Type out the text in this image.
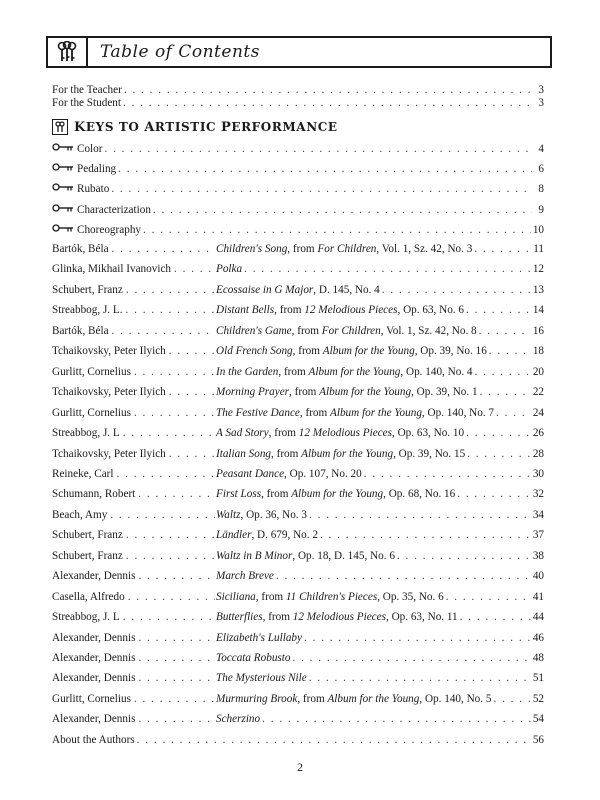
Table of Contents
For the Teacher . . .	3
For the Student . . .	3
Color . . .	4
Pedaling . . .	6
Rubato . . .	8
Characterization . . .	9
Choreography . . .	10
Bartók, Béla . . .	Children's Song, from For Children, Vol. 1, Sz. 42, No. 3 . . .	11
Glinka, Mikhail Ivanovich . . .	Polka . . .	12
Schubert, Franz . . .	Ecossaise in G Major, D. 145, No. 4 . . .	13
Streabbog, J. L. . . .	Distant Bells, from 12 Melodious Pieces, Op. 63, No. 6 . . .	14
Bartók, Béla . . .	Children's Game, from For Children, Vol. 1, Sz. 42, No. 8 . . .	16
Tchaikovsky, Peter Ilyich . . .	Old French Song, from Album for the Young, Op. 39, No. 16 . . .	18
Gurlitt, Cornelius . . .	In the Garden, from Album for the Young, Op. 140, No. 4 . . .	20
Tchaikovsky, Peter Ilyich . . .	Morning Prayer, from Album for the Young, Op. 39, No. 1 . . .	22
Gurlitt, Cornelius . . .	The Festive Dance, from Album for the Young, Op. 140, No. 7 . . .	24
Streabbog, J. L . . .	A Sad Story, from 12 Melodious Pieces, Op. 63, No. 10 . . .	26
Tchaikovsky, Peter Ilyich . . .	Italian Song, from Album for the Young, Op. 39, No. 15 . . .	28
Reineke, Carl . . .	Peasant Dance, Op. 107, No. 20 . . .	30
Schumann, Robert . . .	First Loss, from Album for the Young, Op. 68, No. 16 . . .	32
Beach, Amy . . .	Waltz, Op. 36, No. 3 . . .	34
Schubert, Franz . . .	Ländler, D. 679, No. 2 . . .	37
Schubert, Franz . . .	Waltz in B Minor, Op. 18, D. 145, No. 6 . . .	38
Alexander, Dennis . . .	March Breve . . .	40
Casella, Alfredo . . .	Siciliana, from 11 Children's Pieces, Op. 35, No. 6 . . .	41
Streabbog, J. L . . .	Butterflies, from 12 Melodious Pieces, Op. 63, No. 11 . . .	44
Alexander, Dennis . . .	Elizabeth's Lullaby . . .	46
Alexander, Dennis . . .	Toccata Robusto . . .	48
Alexander, Dennis . . .	The Mysterious Nile . . .	51
Gurlitt, Cornelius . . .	Murmuring Brook, from Album for the Young, Op. 140, No. 5 . . .	52
Alexander, Dennis . . .	Scherzino . . .	54
About the Authors . . .	56
KEYS TO ARTISTIC PERFORMANCE
2
